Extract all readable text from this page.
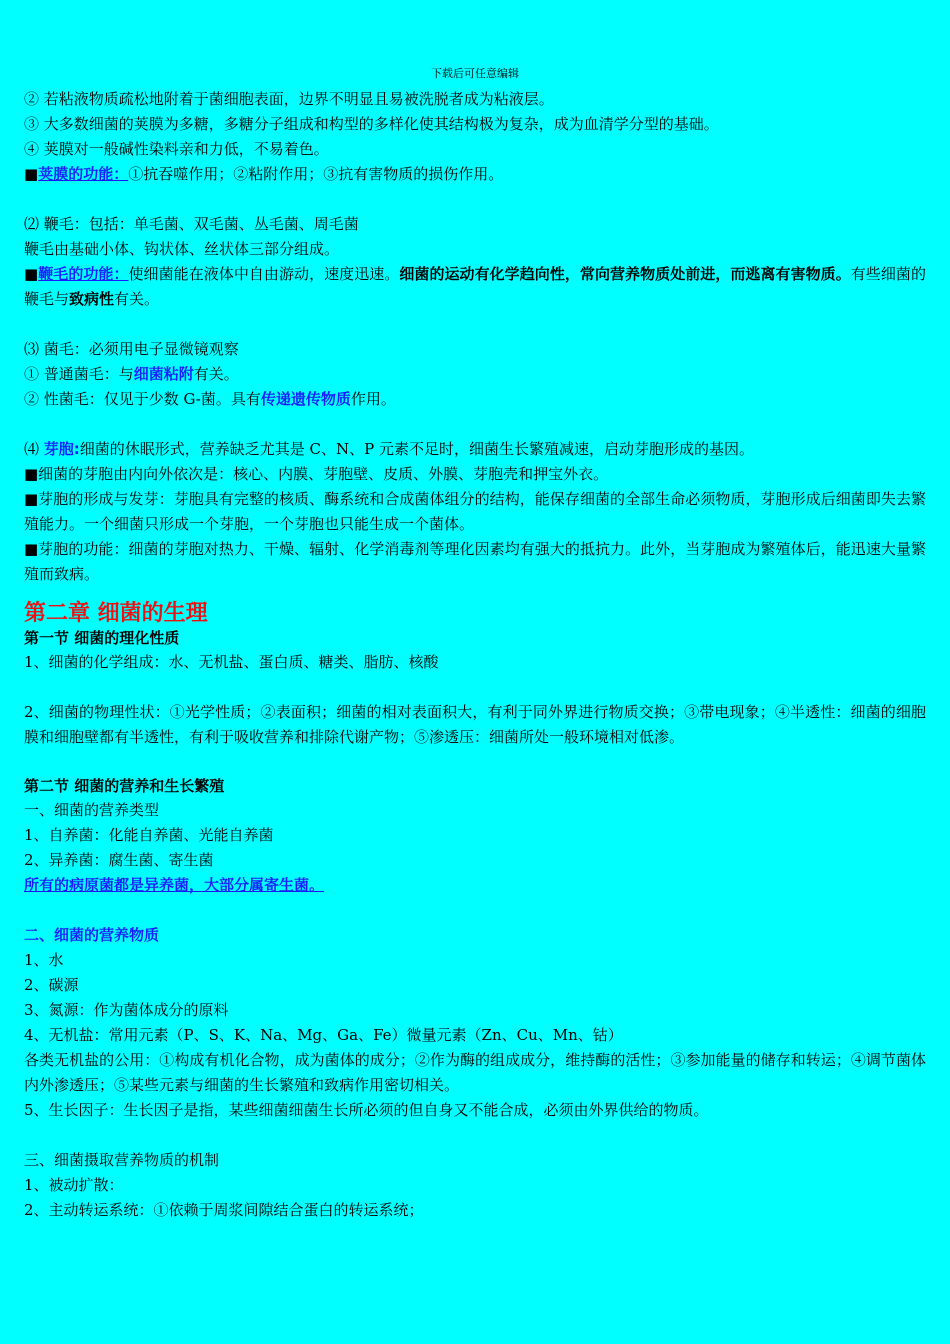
下载后可任意编辑
② 若粘液物质疏松地附着于菌细胞表面，边界不明显且易被洗脱者成为粘液层。
③ 大多数细菌的荚膜为多糖，多糖分子组成和构型的多样化使其结构极为复杂，成为血清学分型的基础。
④ 荚膜对一般碱性染料亲和力低，不易着色。
■荚膜的功能：①抗吞噬作用；②粘附作用；③抗有害物质的损伤作用。
⑵ 鞭毛：包括：单毛菌、双毛菌、丛毛菌、周毛菌
鞭毛由基础小体、钩状体、丝状体三部分组成。
■鞭毛的功能：使细菌能在液体中自由游动，速度迅速。细菌的运动有化学趋向性，常向营养物质处前进，而逃离有害物质。有些细菌的鞭毛与致病性有关。
⑶ 菌毛：必须用电子显微镜观察
① 普通菌毛：与细菌粘附有关。
② 性菌毛：仅见于少数 G-菌。具有传递遗传物质作用。
⑷ 芽胞:细菌的休眠形式，营养缺乏尤其是 C、N、P 元素不足时，细菌生长繁殖减速，启动芽胞形成的基因。
■细菌的芽胞由内向外依次是：核心、内膜、芽胞壁、皮质、外膜、芽胞壳和押宝外衣。
■芽胞的形成与发芽：芽胞具有完整的核质、酶系统和合成菌体组分的结构，能保存细菌的全部生命必须物质，芽胞形成后细菌即失去繁殖能力。一个细菌只形成一个芽胞，一个芽胞也只能生成一个菌体。
■芽胞的功能：细菌的芽胞对热力、干燥、辐射、化学消毒剂等理化因素均有强大的抵抗力。此外，当芽胞成为繁殖体后，能迅速大量繁殖而致病。
第二章 细菌的生理
第一节 细菌的理化性质
1、细菌的化学组成：水、无机盐、蛋白质、糖类、脂肪、核酸
2、细菌的物理性状：①光学性质；②表面积；细菌的相对表面积大，有利于同外界进行物质交换；③带电现象；④半透性：细菌的细胞膜和细胞壁都有半透性，有利于吸收营养和排除代谢产物；⑤渗透压：细菌所处一般环境相对低渗。
第二节 细菌的营养和生长繁殖
一、细菌的营养类型
1、自养菌：化能自养菌、光能自养菌
2、异养菌：腐生菌、寄生菌
所有的病原菌都是异养菌，大部分属寄生菌。
二、细菌的营养物质
1、水
2、碳源
3、氮源：作为菌体成分的原料
4、无机盐：常用元素（P、S、K、Na、Mg、Ga、Fe）微量元素（Zn、Cu、Mn、钴）
各类无机盐的公用：①构成有机化合物，成为菌体的成分；②作为酶的组成成分，维持酶的活性；③参加能量的储存和转运；④调节菌体内外渗透压；⑤某些元素与细菌的生长繁殖和致病作用密切相关。
5、生长因子：生长因子是指，某些细菌细菌生长所必须的但自身又不能合成，必须由外界供给的物质。
三、细菌摄取营养物质的机制
1、被动扩散：
2、主动转运系统：①依赖于周浆间隙结合蛋白的转运系统；
